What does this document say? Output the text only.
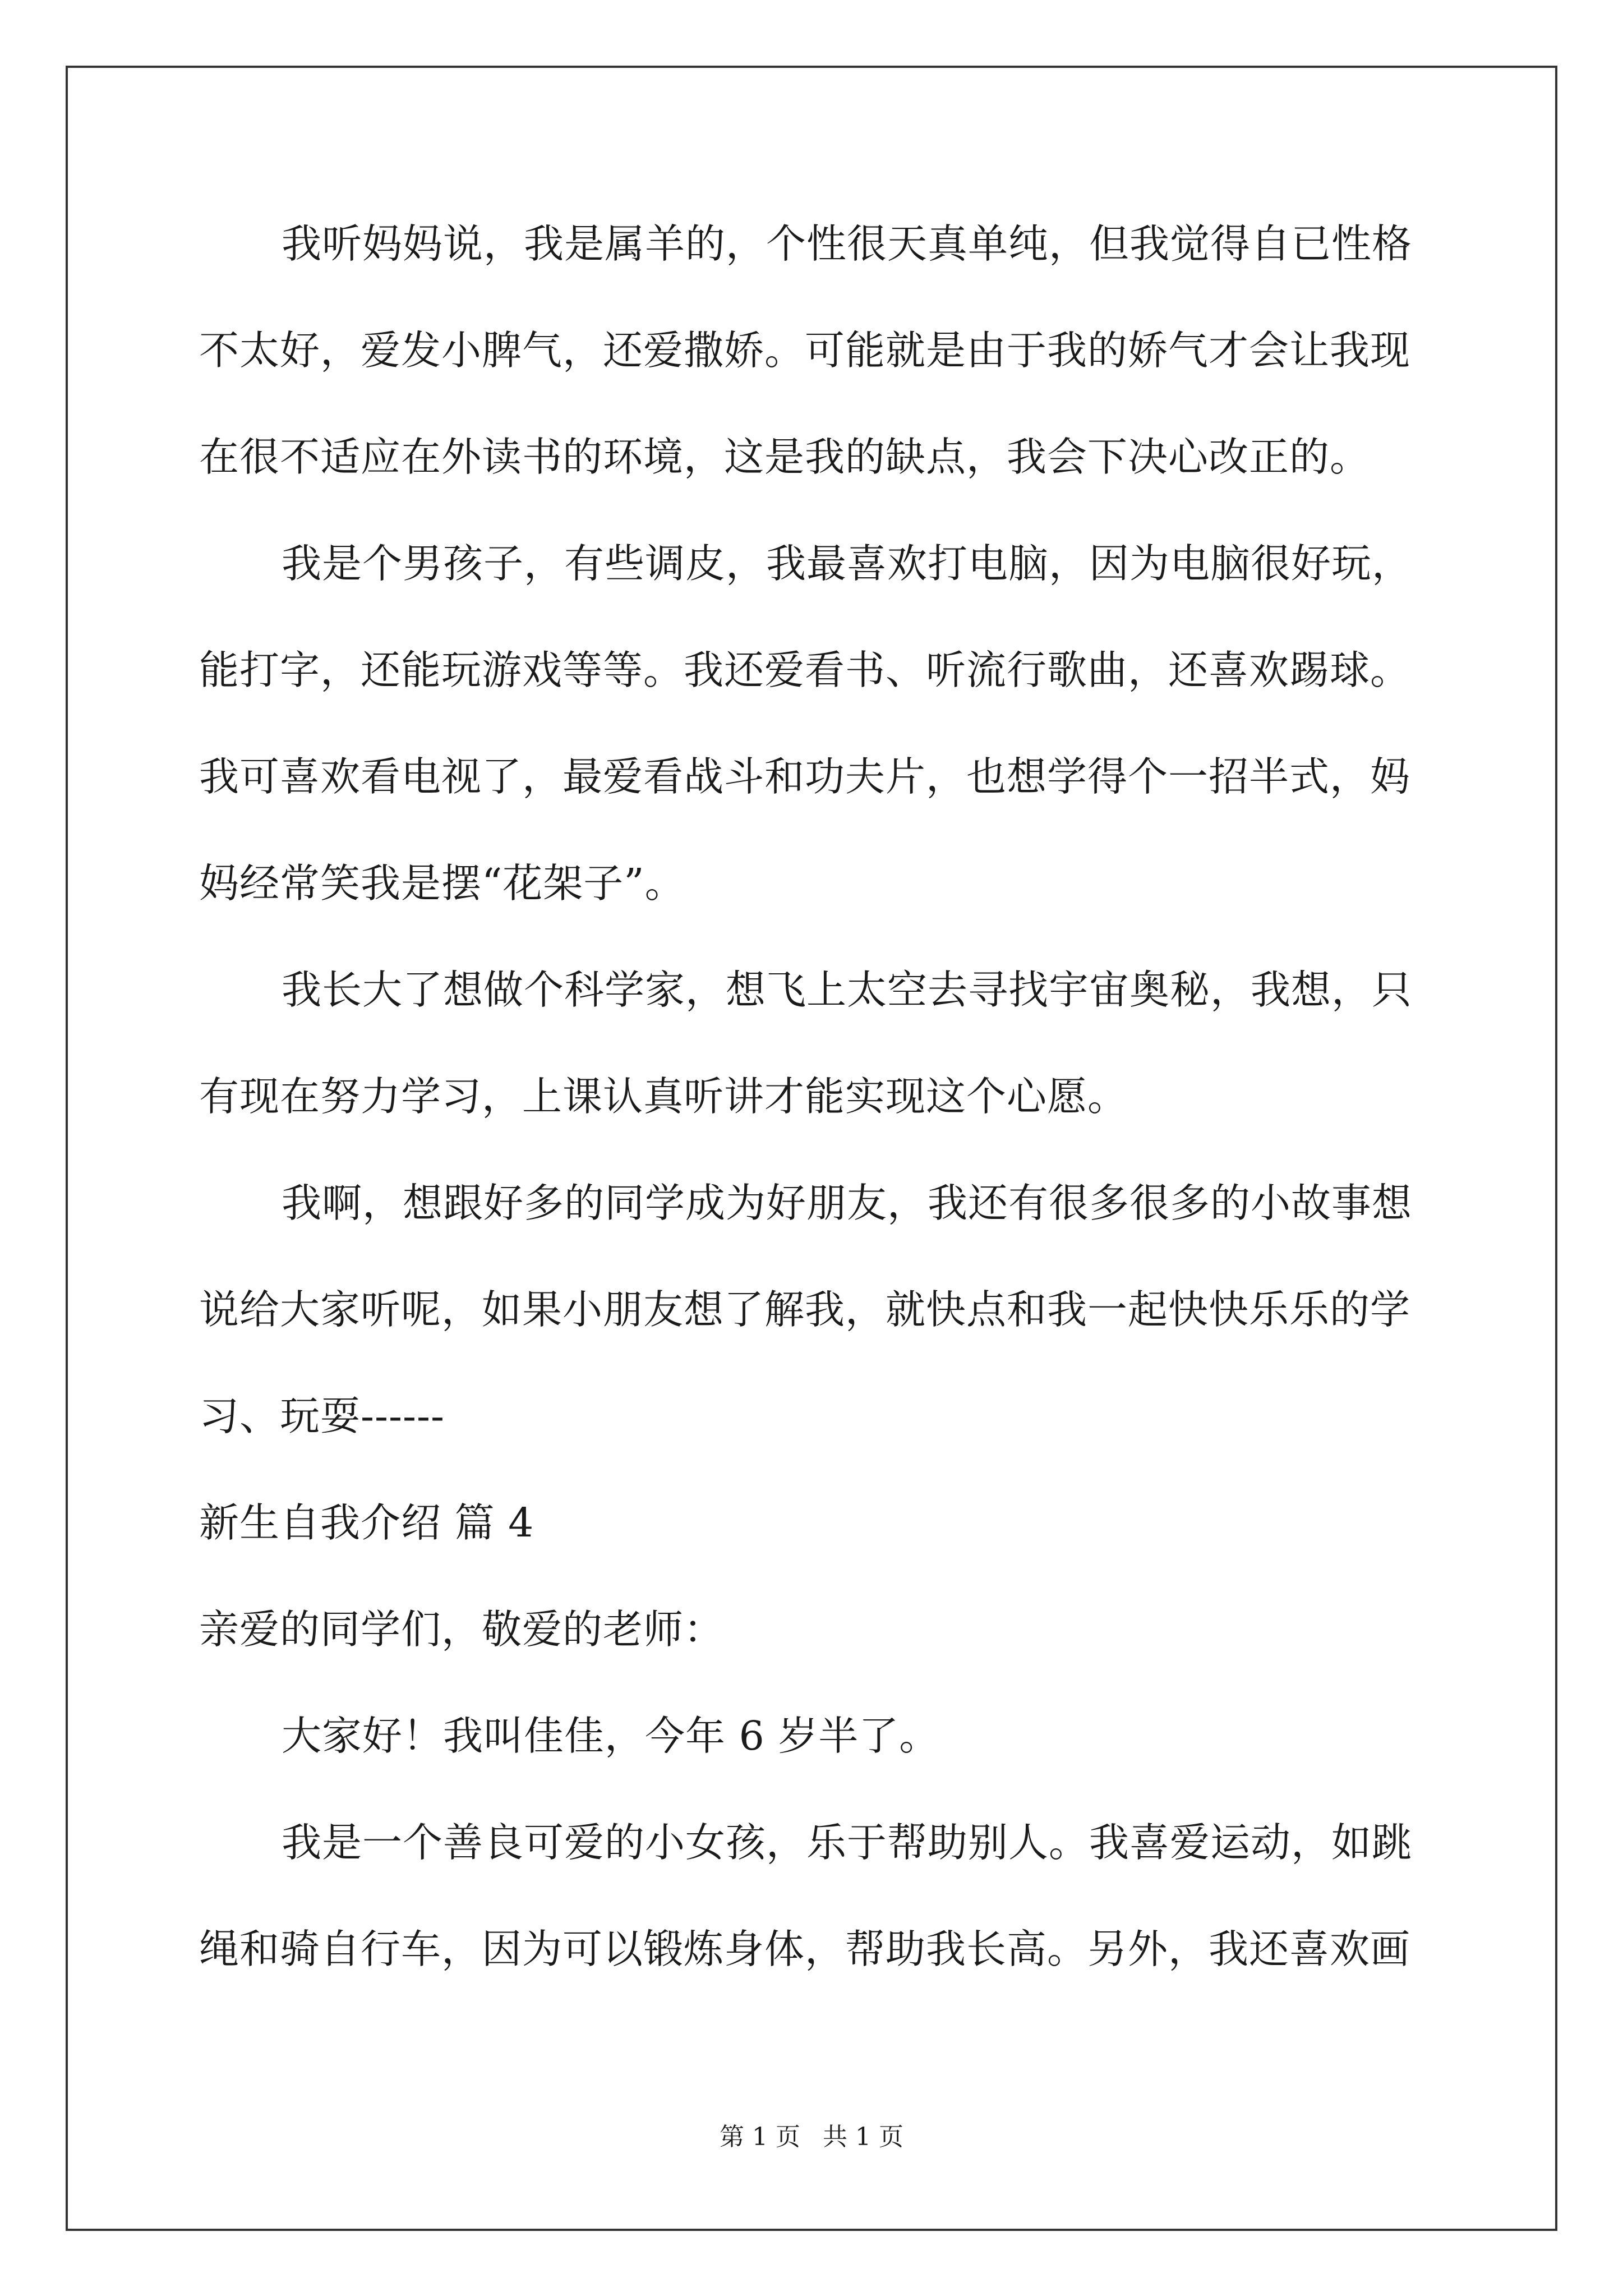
我听妈妈说，我是属羊的，个性很天真单纯，但我觉得自已性格
不太好，爱发小脾气，还爱撒娇。可能就是由于我的娇气才会让我现
在很不适应在外读书的环境，这是我的缺点，我会下决心改正的。
我是个男孩子，有些调皮，我最喜欢打电脑，因为电脑很好玩，
能打字，还能玩游戏等等。我还爱看书、听流行歌曲，还喜欢踢球。
我可喜欢看电视了，最爱看战斗和功夫片，也想学得个一招半式，妈
妈经常笑我是摆“花架子”。
我长大了想做个科学家，想飞上太空去寻找宇宙奥秘，我想，只
有现在努力学习，上课认真听讲才能实现这个心愿。
我啊，想跟好多的同学成为好朋友，我还有很多很多的小故事想
说给大家听呢，如果小朋友想了解我，就快点和我一起快快乐乐的学
习、玩耍------
新生自我介绍 篇 4
亲爱的同学们，敬爱的老师：
大家好！我叫佳佳，今年 6 岁半了。
我是一个善良可爱的小女孩，乐于帮助别人。我喜爱运动，如跳
绳和骑自行车，因为可以锻炼身体，帮助我长高。另外，我还喜欢画
第 1 页 共 1 页
